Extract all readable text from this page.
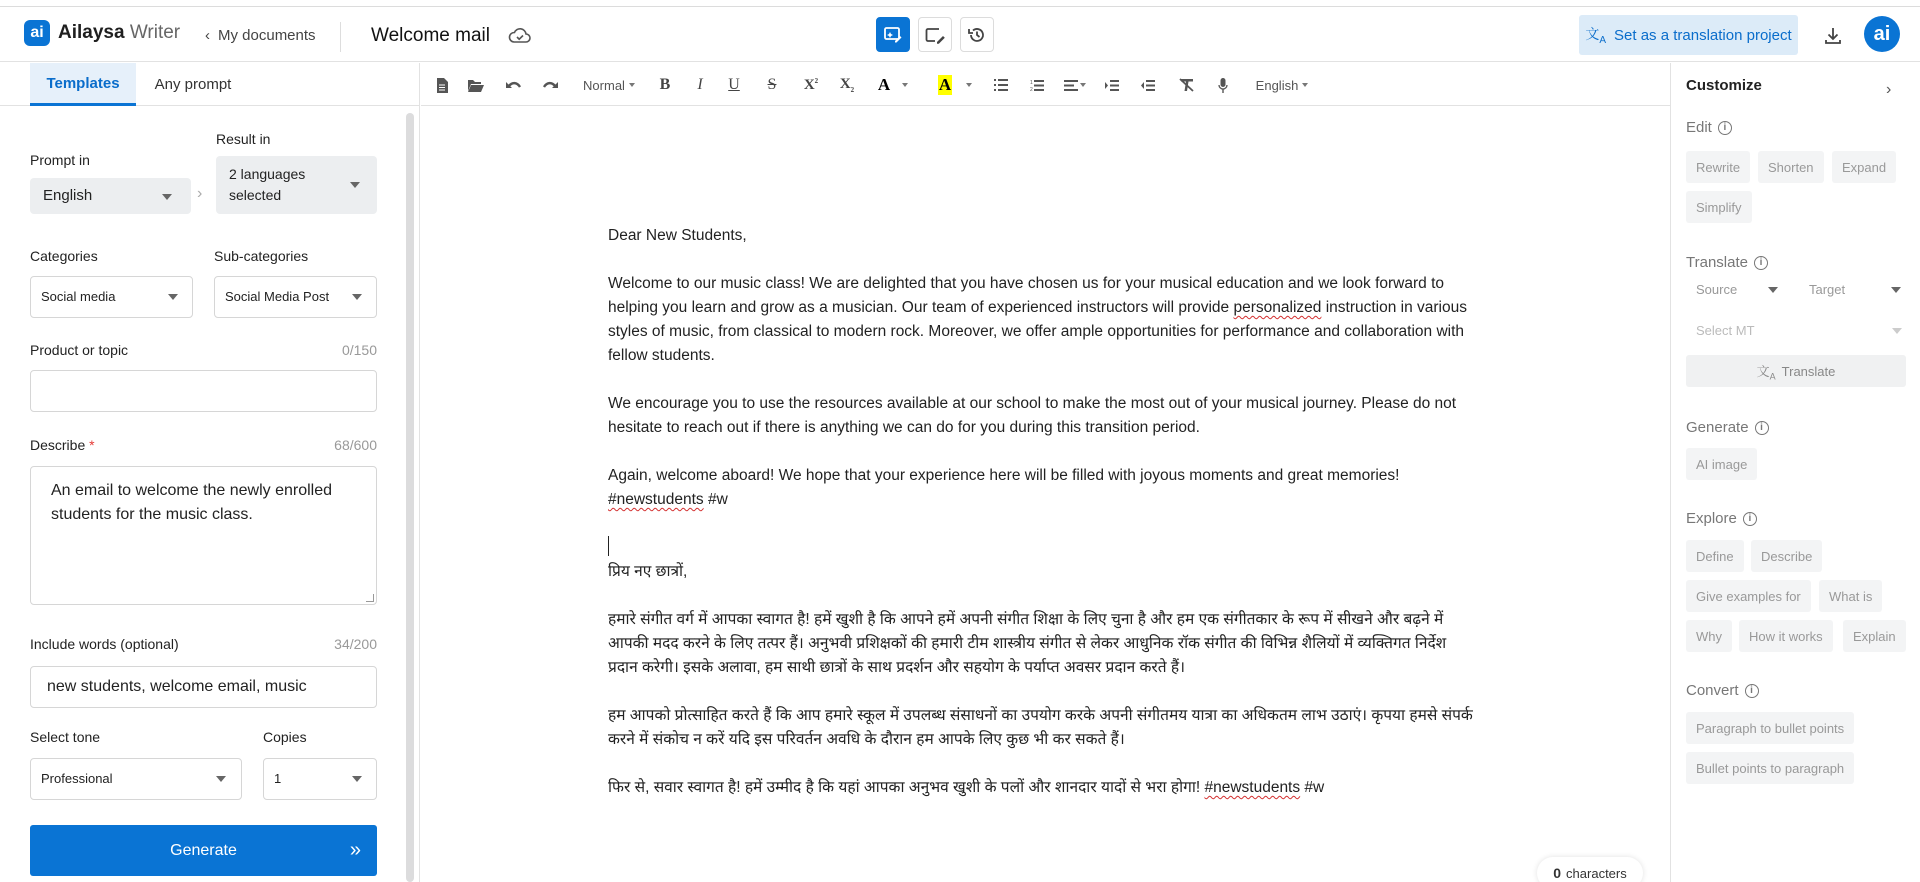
ai Ailaysa Writer ‹ My documents	Welcome mail	文$_A$ Set as a translation project	ai
Templates	Any prompt
Prompt in
English	›
Result in
2 languages
selected
Categories
Social media
Sub-categories
Social Media Post
Product or topic	0/150
Describe *	68/600
An email to welcome the newly enrolled students for the music class.
Include words (optional)	34/200
new students, welcome email, music
Select tone
Professional
Copies
1
Generate	»
Normal B I U S $X^2$ $X_2$ A	A	1
2	English

Dear New Students,

Welcome to our music class! We are delighted that you have chosen us for your musical education and we look forward to helping you learn and grow as a musician. Our team of experienced instructors will provide personalized instruction in various styles of music, from classical to modern rock. Moreover, we offer ample opportunities for performance and collaboration with fellow students.

We encourage you to use the resources available at our school to make the most out of your musical journey. Please do not hesitate to reach out if there is anything we can do for you during this transition period.

Again, welcome aboard! We hope that your experience here will be filled with joyous moments and great memories!

#newstudents #w

प्रिय नए छात्रों,

हमारे संगीत वर्ग में आपका स्वागत है! हमें खुशी है कि आपने हमें अपनी संगीत शिक्षा के लिए चुना है और हम एक संगीतकार के रूप में सीखने और बढ़ने में आपकी मदद करने के लिए तत्पर हैं। अनुभवी प्रशिक्षकों की हमारी टीम शास्त्रीय संगीत से लेकर आधुनिक रॉक संगीत की विभिन्न शैलियों में व्यक्तिगत निर्देश प्रदान करेगी। इसके अलावा, हम साथी छात्रों के साथ प्रदर्शन और सहयोग के पर्याप्त अवसर प्रदान करते हैं।

हम आपको प्रोत्साहित करते हैं कि आप हमारे स्कूल में उपलब्ध संसाधनों का उपयोग करके अपनी संगीतमय यात्रा का अधिकतम लाभ उठाएं। कृपया हमसे संपर्क करने में संकोच न करें यदि इस परिवर्तन अवधि के दौरान हम आपके लिए कुछ भी कर सकते हैं।

फिर से, सवार स्वागत है! हमें उम्मीद है कि यहां आपका अनुभव खुशी के पलों और शानदार यादों से भरा होगा! #newstudents #w

0 characters
Customize	›
Edit	i
Rewrite	Shorten	Expand
Simplify
Translate	i
Source	Target
Select MT
文$_A$ Translate
Generate	i
AI image
Explore	i
Define	Describe
Give examples for	What is
Why	How it works	Explain
Convert	i
Paragraph to bullet points
Bullet points to paragraph
